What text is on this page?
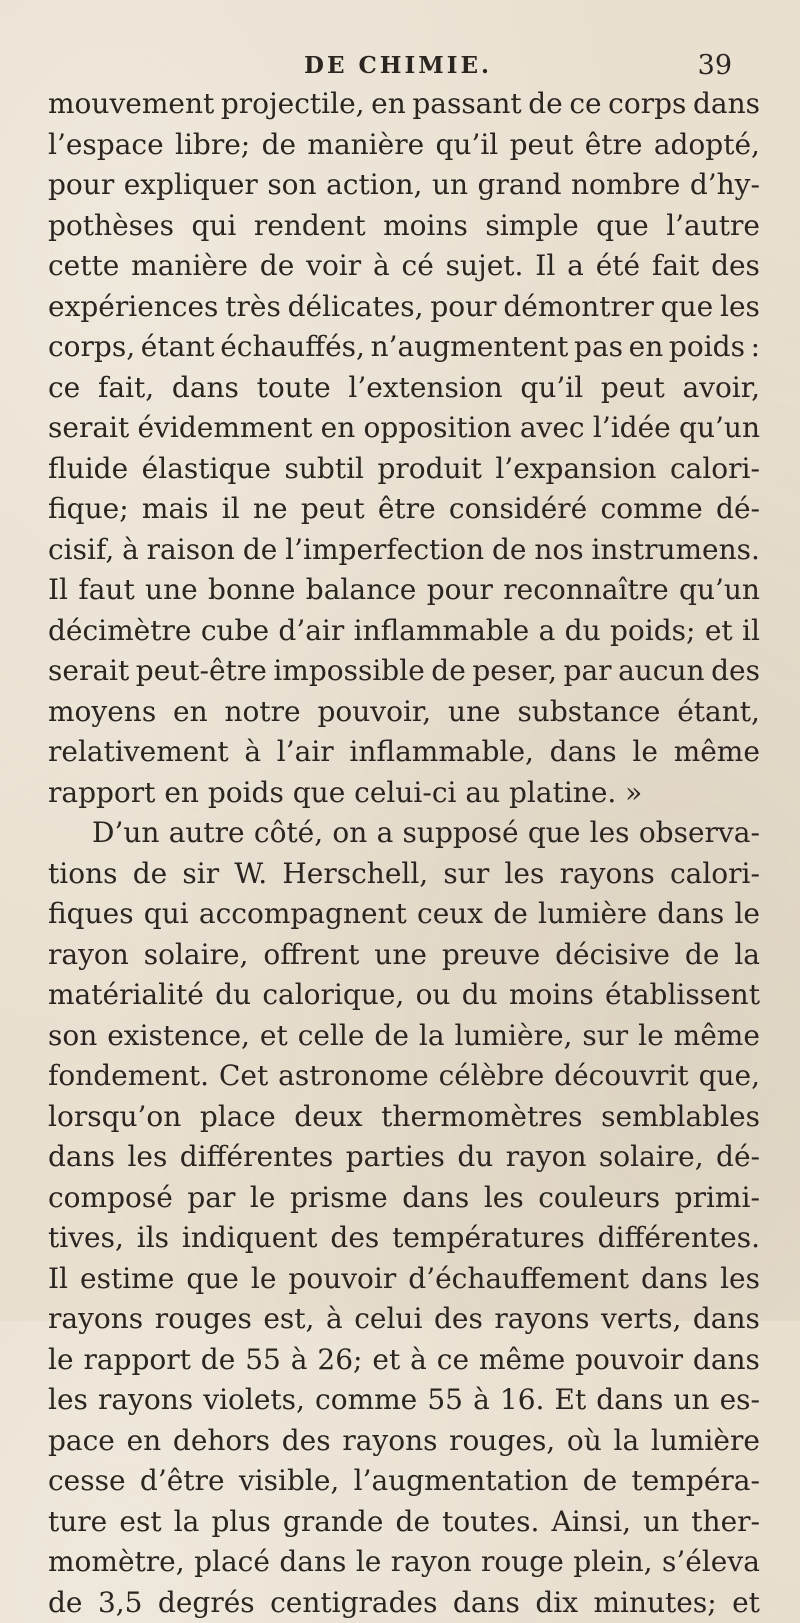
DE CHIMIE.	39
mouvement projectile, en passant de ce corps dans
l’espace libre; de manière qu’il peut être adopté,
pour expliquer son action, un grand nombre d’hy-
pothèses qui rendent moins simple que l’autre
cette manière de voir à cé sujet. Il a été fait des
expériences très délicates, pour démontrer que les
corps, étant échauffés, n’augmentent pas en poids :
ce fait, dans toute l’extension qu’il peut avoir,
serait évidemment en opposition avec l’idée qu’un
fluide élastique subtil produit l’expansion calori-
fique; mais il ne peut être considéré comme dé-
cisif, à raison de l’imperfection de nos instrumens.
Il faut une bonne balance pour reconnaître qu’un
décimètre cube d’air inflammable a du poids; et il
serait peut-être impossible de peser, par aucun des
moyens en notre pouvoir, une substance étant,
relativement à l’air inflammable, dans le même
rapport en poids que celui-ci au platine. »
D’un autre côté, on a supposé que les observa-
tions de sir W. Herschell, sur les rayons calori-
fiques qui accompagnent ceux de lumière dans le
rayon solaire, offrent une preuve décisive de la
matérialité du calorique, ou du moins établissent
son existence, et celle de la lumière, sur le même
fondement. Cet astronome célèbre découvrit que,
lorsqu’on place deux thermomètres semblables
dans les différentes parties du rayon solaire, dé-
composé par le prisme dans les couleurs primi-
tives, ils indiquent des températures différentes.
Il estime que le pouvoir d’échauffement dans les
rayons rouges est, à celui des rayons verts, dans
le rapport de 55 à 26; et à ce même pouvoir dans
les rayons violets, comme 55 à 16. Et dans un es-
pace en dehors des rayons rouges, où la lumière
cesse d’être visible, l’augmentation de tempéra-
ture est la plus grande de toutes. Ainsi, un ther-
momètre, placé dans le rayon rouge plein, s’éleva
de 3,5 degrés centigrades dans dix minutes; et
